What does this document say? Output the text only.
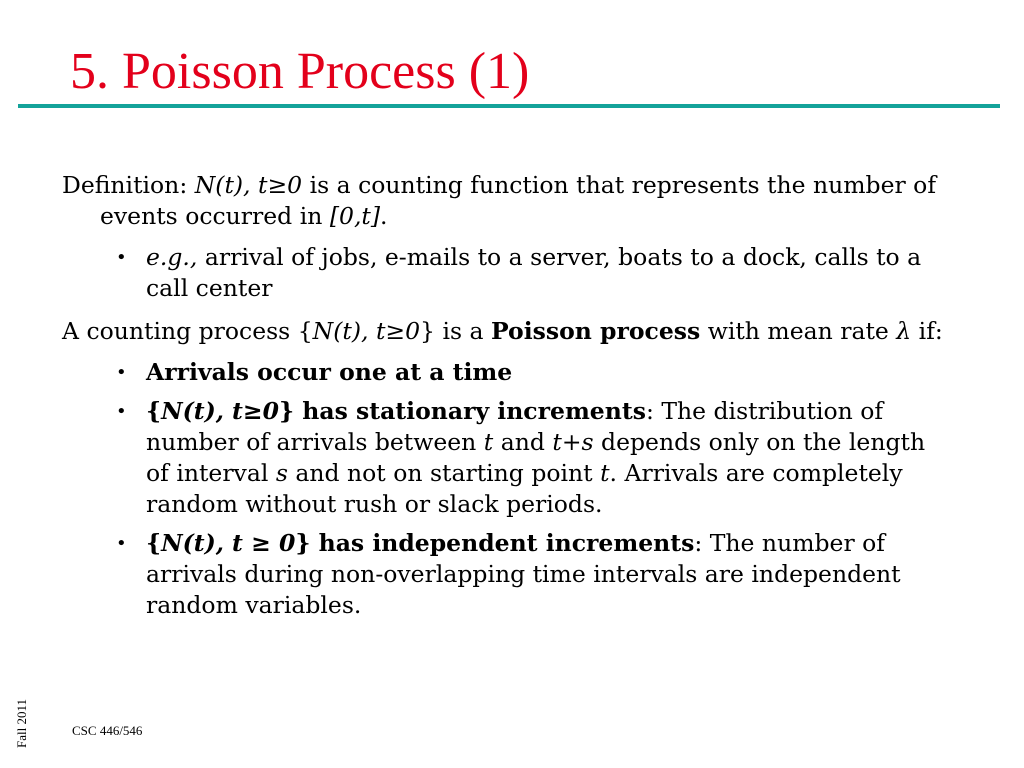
5. Poisson Process (1)

Definition: N(t), t≥0 is a counting function that represents the number of events occurred in [0,t].

• e.g., arrival of jobs, e-mails to a server, boats to a dock, calls to a call center

A counting process {N(t), t≥0} is a Poisson process with mean rate λ if:

• Arrivals occur one at a time
• {N(t), t≥0} has stationary increments: The distribution of number of arrivals between t and t+s depends only on the length of interval s and not on starting point t. Arrivals are completely random without rush or slack periods.
• {N(t), t ≥ 0} has independent increments: The number of arrivals during non-overlapping time intervals are independent random variables.
CSC 446/546
Fall 2011
